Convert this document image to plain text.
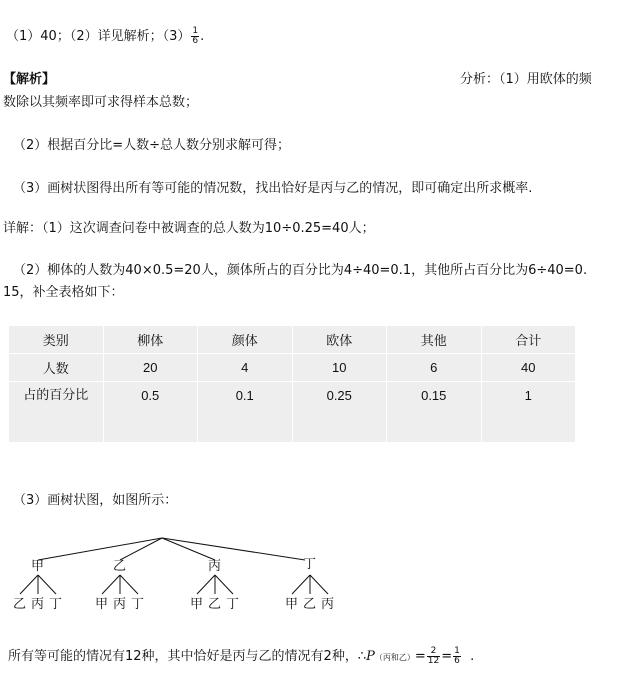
（1）40；（2）详见解析；$(3) \frac{1}{6}$ .
【解析】	分析：（1）用欧体的频
数除以其频率即可求得样本总数；
（2）根据百分比=人数÷总人数分别求解可得；
（3）画树状图得出所有等可能的情况数，找出恰好是丙与乙的情况，即可确定出所求概率.
详解：（1）这次调查问卷中被调查的总人数为10÷0.25=40人；
（2）柳体的人数为40×0.5=20人，颜体所占的百分比为4÷40=0.1，其他所占百分比为6÷40=0.
15，补全表格如下：
类别	柳体	颜体	欧体	其他	合计
人数	20	4	10	6	40
占的百分比	0.5	0.1	0.25	0.15	1
（3）画树状图，如图所示：
甲	乙	丙	丁
乙 丙 丁	甲 丙 丁	甲 乙 丁	甲 乙 丙
所有等可能的情况有12种，其中恰好是丙与乙的情况有2种，∴P（丙和乙）= $\frac{2}{12} = \frac{1}{6}$ .
